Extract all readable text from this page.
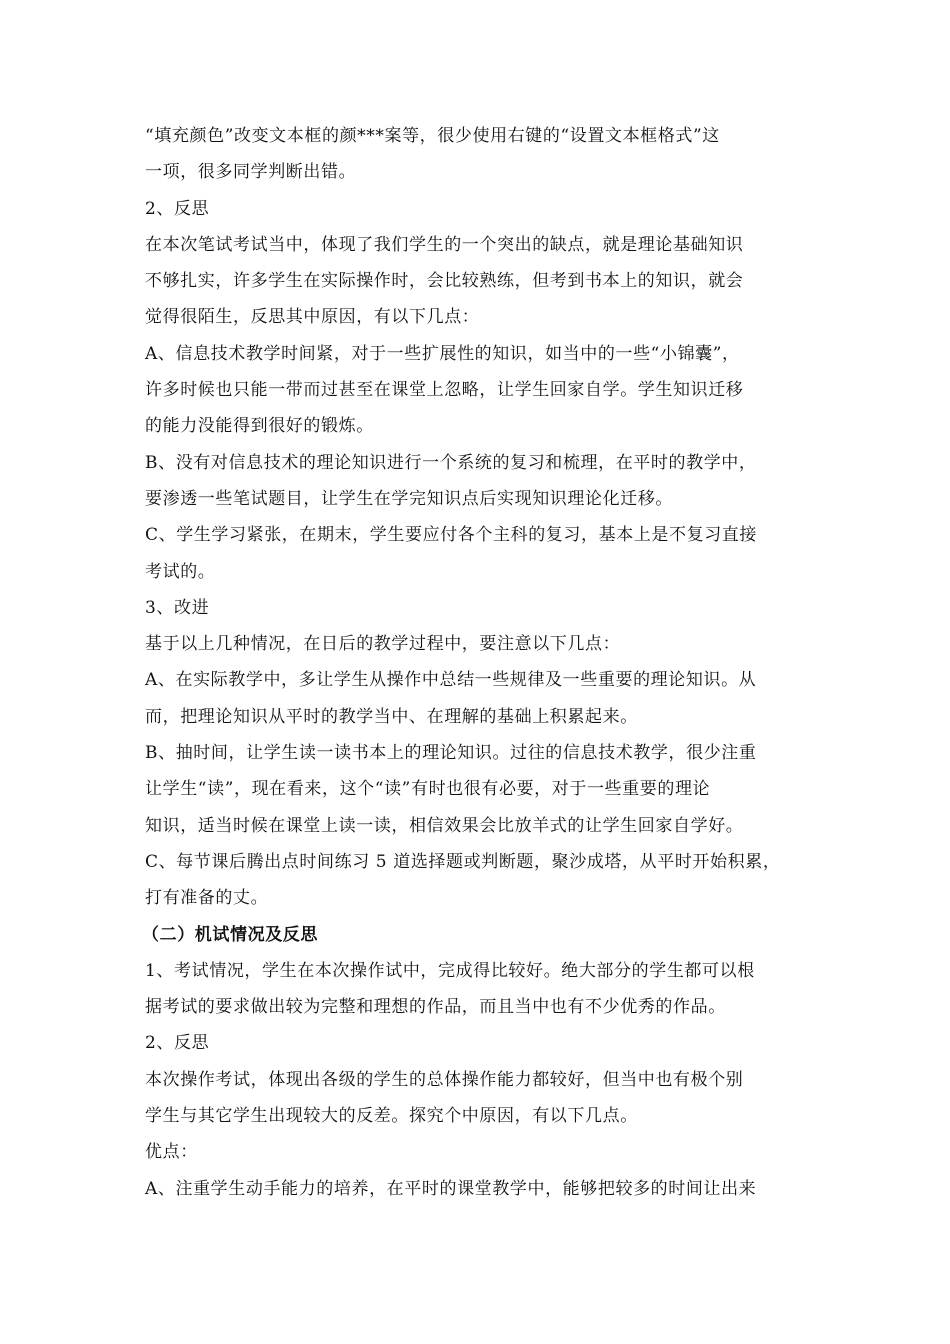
“填充颜色”改变文本框的颜***案等，很少使用右键的“设置文本框格式”这
一项，很多同学判断出错。
2、反思
在本次笔试考试当中，体现了我们学生的一个突出的缺点，就是理论基础知识
不够扎实，许多学生在实际操作时，会比较熟练，但考到书本上的知识，就会
觉得很陌生，反思其中原因，有以下几点：
A、信息技术教学时间紧，对于一些扩展性的知识，如当中的一些“小锦囊”，
许多时候也只能一带而过甚至在课堂上忽略，让学生回家自学。学生知识迁移
的能力没能得到很好的锻炼。
B、没有对信息技术的理论知识进行一个系统的复习和梳理，在平时的教学中，
要渗透一些笔试题目，让学生在学完知识点后实现知识理论化迁移。
C、学生学习紧张，在期末，学生要应付各个主科的复习，基本上是不复习直接
考试的。
3、改进
基于以上几种情况，在日后的教学过程中，要注意以下几点：
A、在实际教学中，多让学生从操作中总结一些规律及一些重要的理论知识。从
而，把理论知识从平时的教学当中、在理解的基础上积累起来。
B、抽时间，让学生读一读书本上的理论知识。过往的信息技术教学，很少注重
让学生“读”，现在看来，这个“读”有时也很有必要，对于一些重要的理论
知识，适当时候在课堂上读一读，相信效果会比放羊式的让学生回家自学好。
C、每节课后腾出点时间练习 5 道选择题或判断题，聚沙成塔，从平时开始积累，
打有准备的丈。
（二）机试情况及反思
1、考试情况，学生在本次操作试中，完成得比较好。绝大部分的学生都可以根
据考试的要求做出较为完整和理想的作品，而且当中也有不少优秀的作品。
2、反思
本次操作考试，体现出各级的学生的总体操作能力都较好，但当中也有极个别
学生与其它学生出现较大的反差。探究个中原因，有以下几点。
优点：
A、注重学生动手能力的培养，在平时的课堂教学中，能够把较多的时间让出来
